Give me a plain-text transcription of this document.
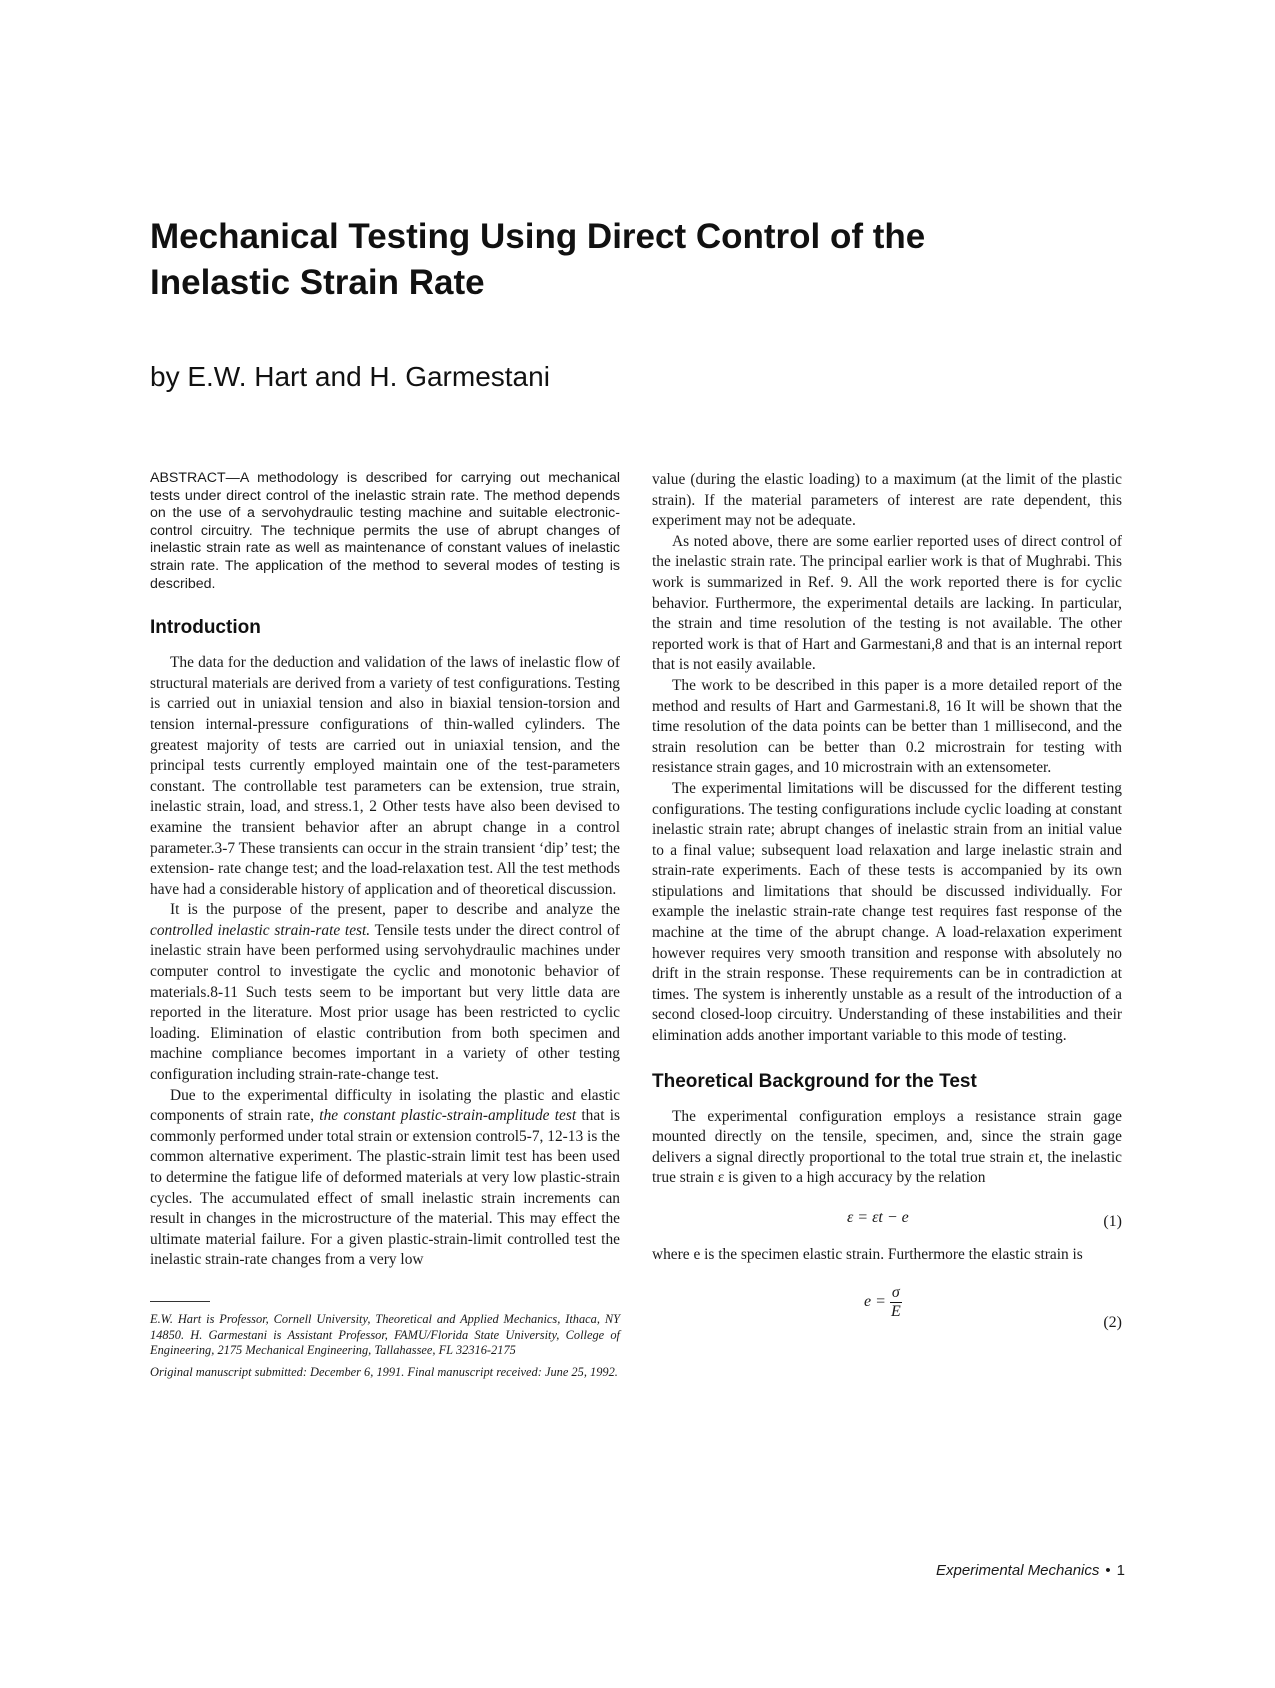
Mechanical Testing Using Direct Control of the Inelastic Strain Rate

by E.W. Hart and H. Garmestani

ABSTRACT—A methodology is described for carrying out mechanical tests under direct control of the inelastic strain rate. The method depends on the use of a servohydraulic testing machine and suitable electronic-control circuitry. The technique permits the use of abrupt changes of inelastic strain rate as well as maintenance of constant values of inelastic strain rate. The application of the method to several modes of testing is described.

Introduction

The data for the deduction and validation of the laws of inelastic flow of structural materials are derived from a variety of test configurations. Testing is carried out in uniaxial tension and also in biaxial tension-torsion and tension internal-pressure configurations of thin-walled cylinders. The greatest majority of tests are carried out in uniaxial tension, and the principal tests currently employed maintain one of the test-parameters constant. The controllable test parameters can be extension, true strain, inelastic strain, load, and stress.1, 2 Other tests have also been devised to examine the transient behavior after an abrupt change in a control parameter.3-7 These transients can occur in the strain transient ‘dip’ test; the extension- rate change test; and the load-relaxation test. All the test methods have had a considerable history of application and of theoretical discussion.

It is the purpose of the present, paper to describe and analyze the controlled inelastic strain-rate test. Tensile tests under the direct control of inelastic strain have been performed using servohydraulic machines under computer control to investigate the cyclic and monotonic behavior of materials.8-11 Such tests seem to be important but very little data are reported in the literature. Most prior usage has been restricted to cyclic loading. Elimination of elastic contribution from both specimen and machine compliance becomes important in a variety of other testing configuration including strain-rate-change test.

Due to the experimental difficulty in isolating the plastic and elastic components of strain rate, the constant plastic-strain-amplitude test that is commonly performed under total strain or extension control5-7, 12-13 is the common alternative experiment. The plastic-strain limit test has been used to determine the fatigue life of deformed materials at very low plastic-strain cycles. The accumulated effect of small inelastic strain increments can result in changes in the microstructure of the material. This may effect the ultimate material failure. For a given plastic-strain-limit controlled test the inelastic strain-rate changes from a very low

E.W. Hart is Professor, Cornell University, Theoretical and Applied Mechanics, Ithaca, NY 14850. H. Garmestani is Assistant Professor, FAMU/Florida State University, College of Engineering, 2175 Mechanical Engineering, Tallahassee, FL 32316-2175

Original manuscript submitted: December 6, 1991. Final manuscript received: June 25, 1992.

value (during the elastic loading) to a maximum (at the limit of the plastic strain). If the material parameters of interest are rate dependent, this experiment may not be adequate.

As noted above, there are some earlier reported uses of direct control of the inelastic strain rate. The principal earlier work is that of Mughrabi. This work is summarized in Ref. 9. All the work reported there is for cyclic behavior. Furthermore, the experimental details are lacking. In particular, the strain and time resolution of the testing is not available. The other reported work is that of Hart and Garmestani,8 and that is an internal report that is not easily available.

The work to be described in this paper is a more detailed report of the method and results of Hart and Garmestani.8, 16 It will be shown that the time resolution of the data points can be better than 1 millisecond, and the strain resolution can be better than 0.2 microstrain for testing with resistance strain gages, and 10 microstrain with an extensometer.

The experimental limitations will be discussed for the different testing configurations. The testing configurations include cyclic loading at constant inelastic strain rate; abrupt changes of inelastic strain from an initial value to a final value; subsequent load relaxation and large inelastic strain and strain-rate experiments. Each of these tests is accompanied by its own stipulations and limitations that should be discussed individually. For example the inelastic strain-rate change test requires fast response of the machine at the time of the abrupt change. A load-relaxation experiment however requires very smooth transition and response with absolutely no drift in the strain response. These requirements can be in contradiction at times. The system is inherently unstable as a result of the introduction of a second closed-loop circuitry. Understanding of these instabilities and their elimination adds another important variable to this mode of testing.

Theoretical Background for the Test

The experimental configuration employs a resistance strain gage mounted directly on the tensile, specimen, and, since the strain gage delivers a signal directly proportional to the total true strain εt, the inelastic true strain ε is given to a high accuracy by the relation

ε = εt − e	(1)

where e is the specimen elastic strain. Furthermore the elastic strain is

$e = \frac{\sigma}{E}$
(2)
Experimental Mechanics • 1
